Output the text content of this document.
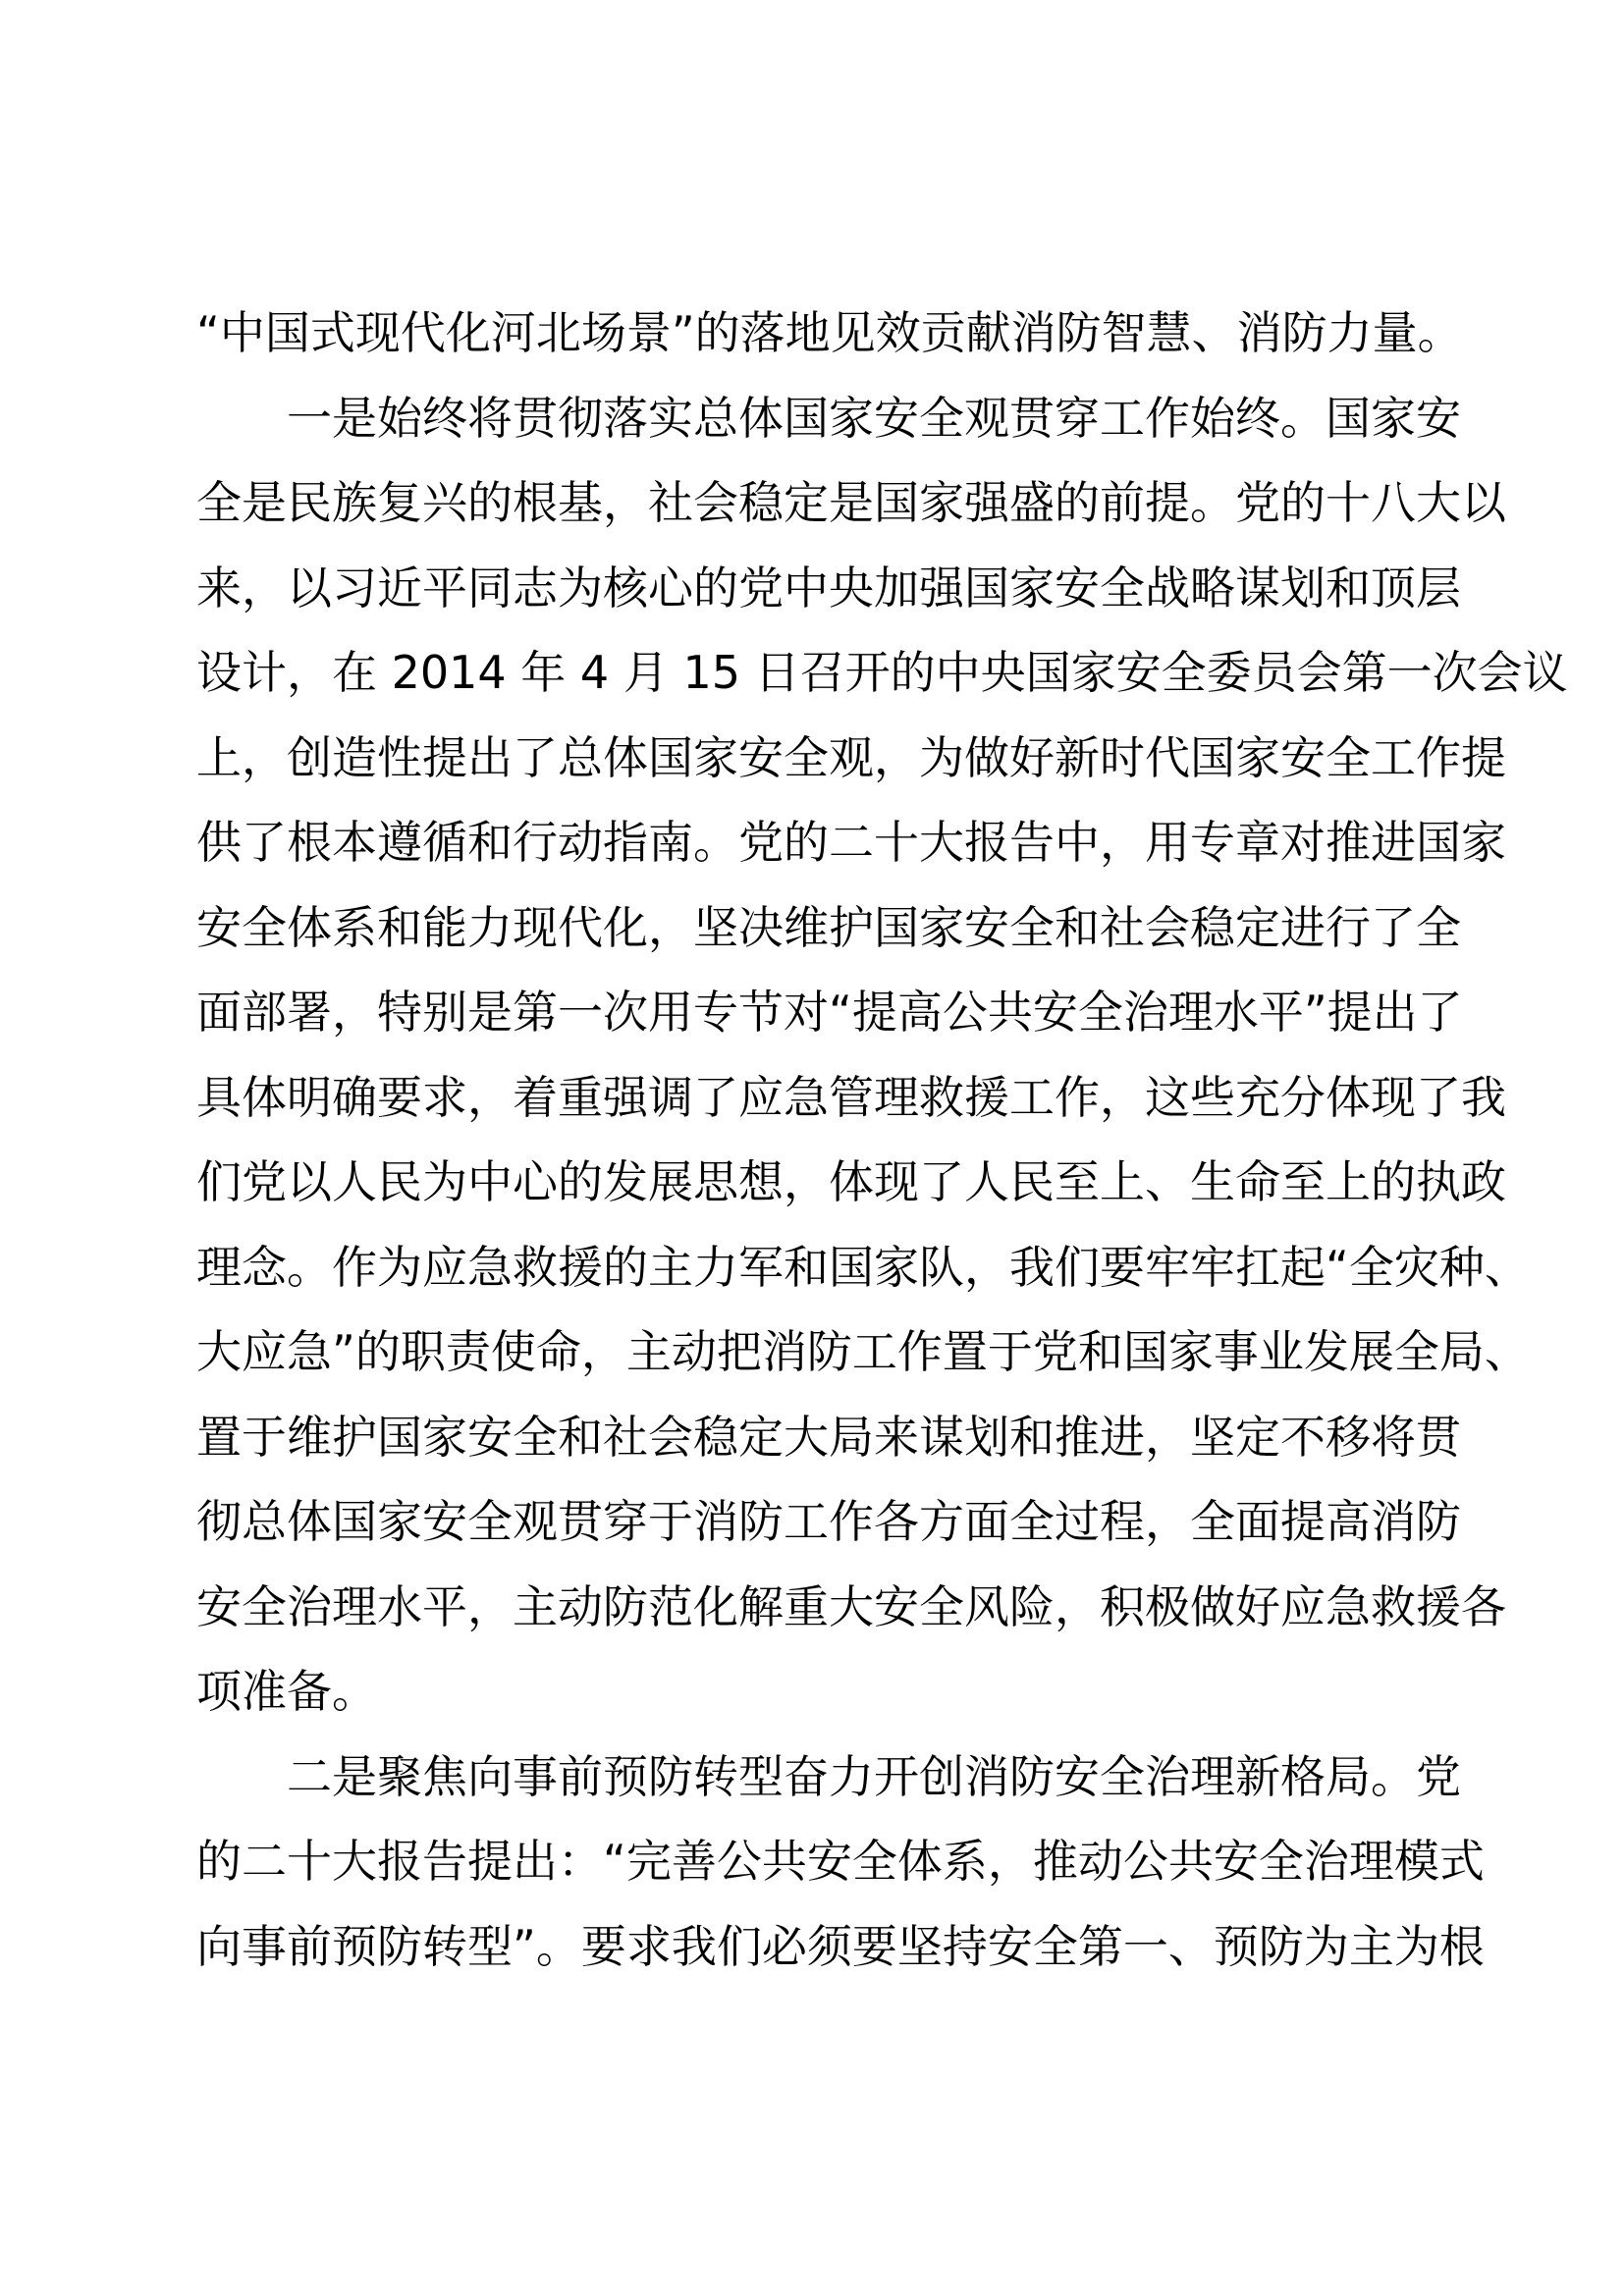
“中国式现代化河北场景”的落地见效贡献消防智慧、消防力量。
一是始终将贯彻落实总体国家安全观贯穿工作始终。国家安
全是民族复兴的根基，社会稳定是国家强盛的前提。党的十八大以
来，以习近平同志为核心的党中央加强国家安全战略谋划和顶层
设计，在 2014 年 4 月 15 日召开的中央国家安全委员会第一次会议
上，创造性提出了总体国家安全观，为做好新时代国家安全工作提
供了根本遵循和行动指南。党的二十大报告中，用专章对推进国家
安全体系和能力现代化，坚决维护国家安全和社会稳定进行了全
面部署，特别是第一次用专节对“提高公共安全治理水平”提出了
具体明确要求，着重强调了应急管理救援工作，这些充分体现了我
们党以人民为中心的发展思想，体现了人民至上、生命至上的执政
理念。作为应急救援的主力军和国家队，我们要牢牢扛起“全灾种、
大应急”的职责使命，主动把消防工作置于党和国家事业发展全局、
置于维护国家安全和社会稳定大局来谋划和推进，坚定不移将贯
彻总体国家安全观贯穿于消防工作各方面全过程，全面提高消防
安全治理水平，主动防范化解重大安全风险，积极做好应急救援各
项准备。
二是聚焦向事前预防转型奋力开创消防安全治理新格局。党
的二十大报告提出：“完善公共安全体系，推动公共安全治理模式
向事前预防转型”。要求我们必须要坚持安全第一、预防为主为根
